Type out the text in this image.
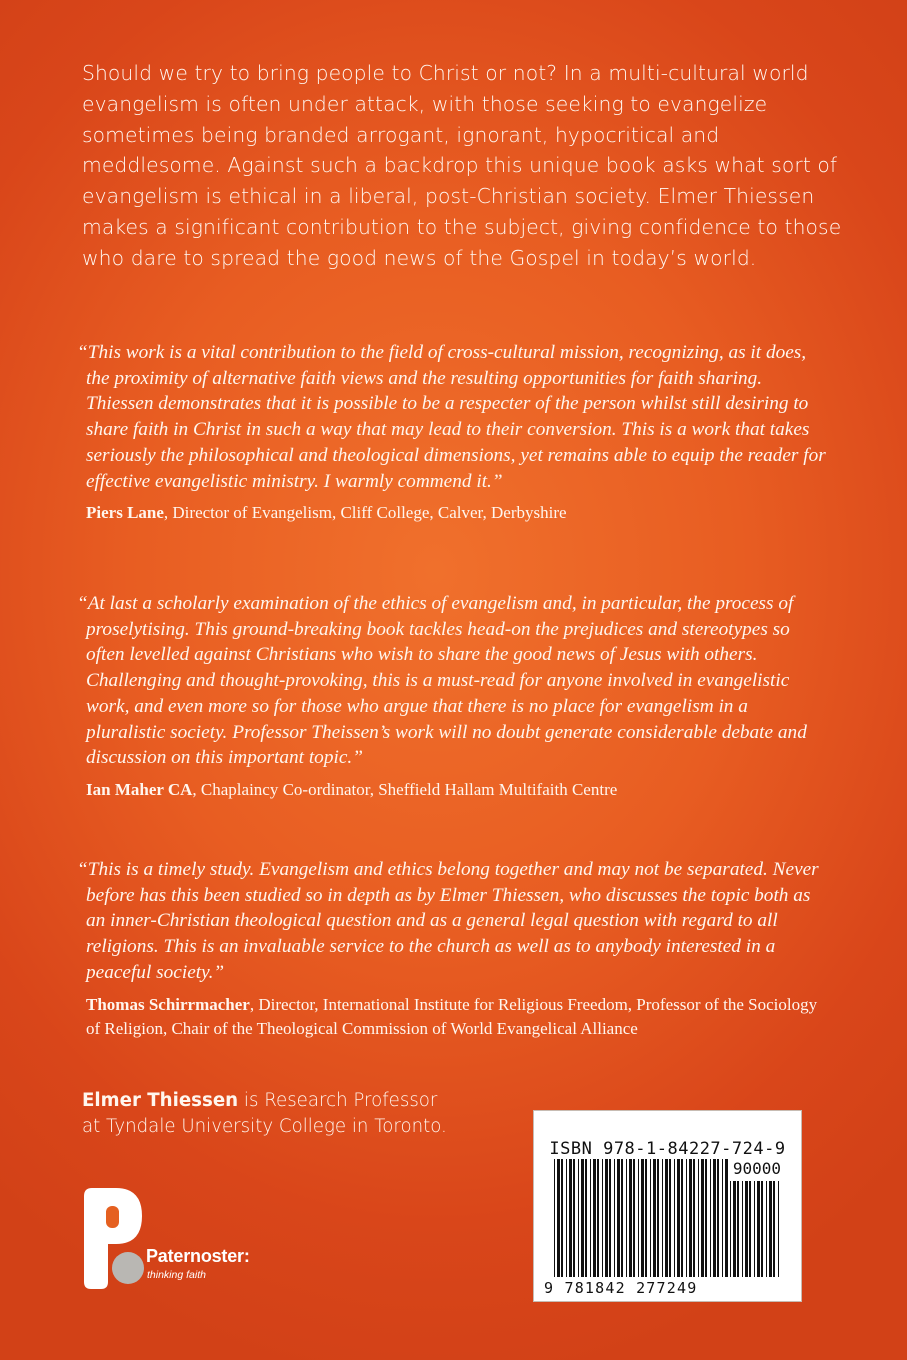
Should we try to bring people to Christ or not? In a multi-cultural world evangelism is often under attack, with those seeking to evangelize sometimes being branded arrogant, ignorant, hypocritical and meddlesome. Against such a backdrop this unique book asks what sort of evangelism is ethical in a liberal, post-Christian society. Elmer Thiessen makes a significant contribution to the subject, giving confidence to those who dare to spread the good news of the Gospel in today’s world.

“This work is a vital contribution to the field of cross-cultural mission, recognizing, as it does, the proximity of alternative faith views and the resulting opportunities for faith sharing. Thiessen demonstrates that it is possible to be a respecter of the person whilst still desiring to share faith in Christ in such a way that may lead to their conversion. This is a work that takes seriously the philosophical and theological dimensions, yet remains able to equip the reader for effective evangelistic ministry. I warmly commend it.”

Piers Lane, Director of Evangelism, Cliff College, Calver, Derbyshire

“At last a scholarly examination of the ethics of evangelism and, in particular, the process of proselytising. This ground-breaking book tackles head-on the prejudices and stereotypes so often levelled against Christians who wish to share the good news of Jesus with others. Challenging and thought-provoking, this is a must-read for anyone involved in evangelistic work, and even more so for those who argue that there is no place for evangelism in a pluralistic society. Professor Theissen’s work will no doubt generate considerable debate and discussion on this important topic.”

Ian Maher CA, Chaplaincy Co-ordinator, Sheffield Hallam Multifaith Centre

“This is a timely study. Evangelism and ethics belong together and may not be separated. Never before has this been studied so in depth as by Elmer Thiessen, who discusses the topic both as an inner-Christian theological question and as a general legal question with regard to all religions. This is an invaluable service to the church as well as to anybody interested in a peaceful society.”

Thomas Schirrmacher, Director, International Institute for Religious Freedom, Professor of the Sociology of Religion, Chair of the Theological Commission of World Evangelical Alliance

Elmer Thiessen is Research Professor
at Tyndale University College in Toronto.

ISBN 978-1-84227-724-9
90000
9 781842 277249
Paternoster:
thinking faith
